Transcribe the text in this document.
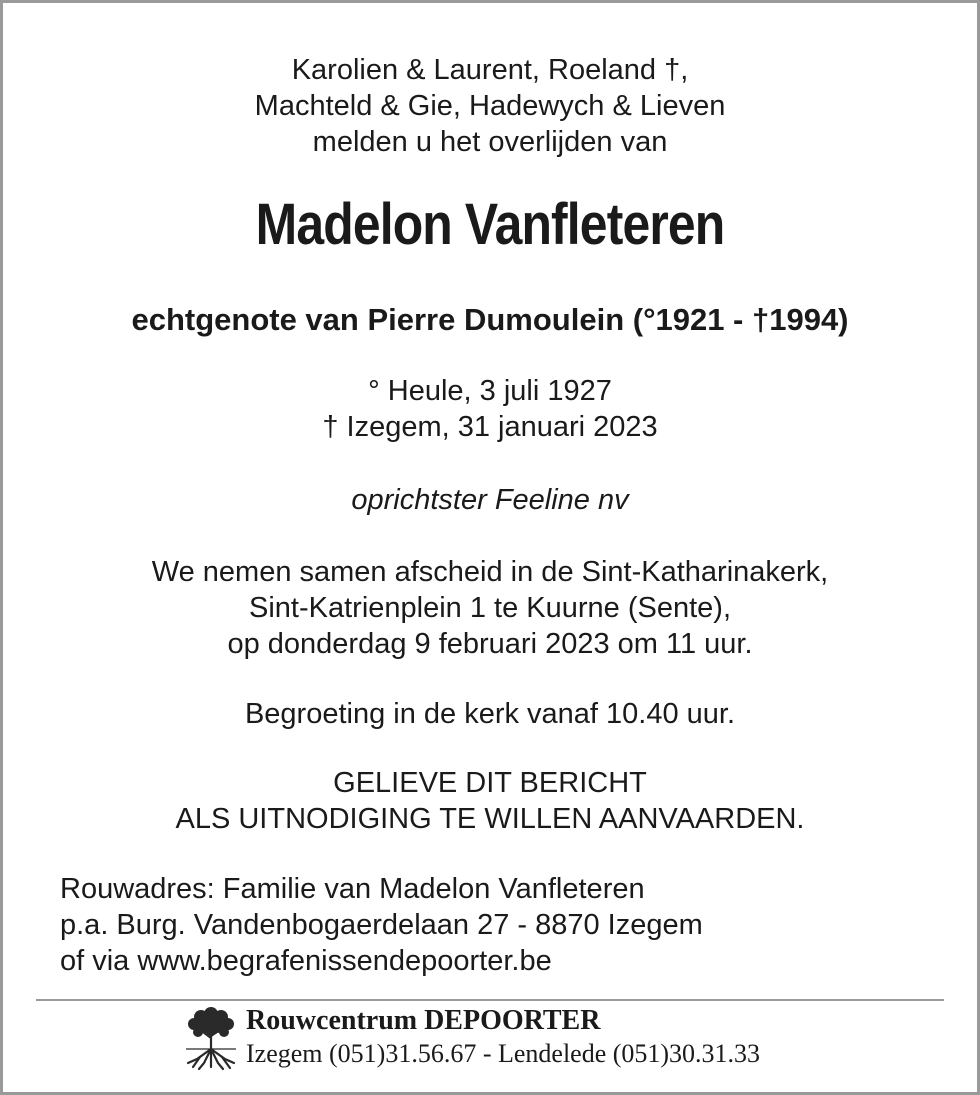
Karolien & Laurent, Roeland †,
Machteld & Gie, Hadewych & Lieven
melden u het overlijden van
Madelon Vanfleteren
echtgenote van Pierre Dumoulein (°1921 - †1994)
° Heule, 3 juli 1927
† Izegem, 31 januari 2023
oprichtster Feeline nv
We nemen samen afscheid in de Sint-Katharinakerk,
Sint-Katrienplein 1 te Kuurne (Sente),
op donderdag 9 februari 2023 om 11 uur.
Begroeting in de kerk vanaf 10.40 uur.
GELIEVE DIT BERICHT
ALS UITNODIGING TE WILLEN AANVAARDEN.
Rouwadres: Familie van Madelon Vanfleteren
p.a. Burg. Vandenbogaerdelaan 27 - 8870 Izegem
of via www.begrafenissendepoorter.be
Rouwcentrum DEPOORTER
Izegem (051)31.56.67 - Lendelede (051)30.31.33
